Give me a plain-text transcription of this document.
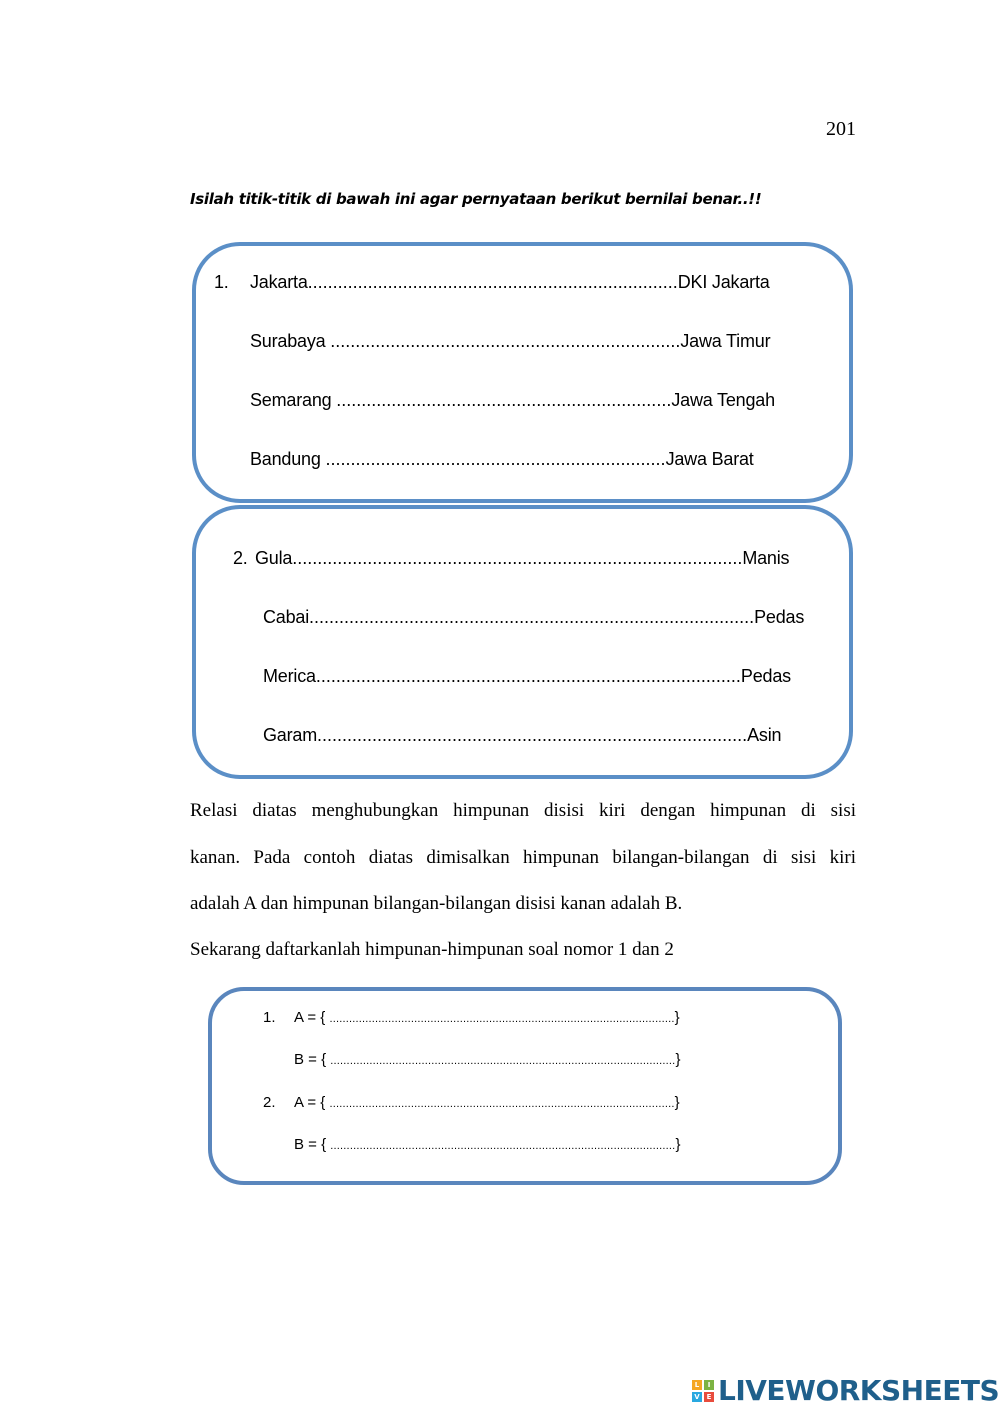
201
Isilah titik-titik di bawah ini agar pernyataan berikut bernilai benar..!!
1. Jakarta..........................................................................DKI Jakarta
Surabaya ......................................................................Jawa Timur
Semarang ...................................................................Jawa Tengah
Bandung ....................................................................Jawa Barat
2. Gula..........................................................................................Manis
Cabai.........................................................................................Pedas
Merica.....................................................................................Pedas
Garam......................................................................................Asin
Relasi diatas menghubungkan himpunan disisi kiri dengan himpunan di sisi
kanan. Pada contoh diatas dimisalkan himpunan bilangan-bilangan di sisi kiri
adalah A dan himpunan bilangan-bilangan disisi kanan adalah B.
Sekarang daftarkanlah himpunan-himpunan soal nomor 1 dan 2
1. A = { ..........................................................................................................}
B = { ..........................................................................................................}
2. A = { ..........................................................................................................}
B = { ..........................................................................................................}
L	I
V E LIVEWORKSHEETS
